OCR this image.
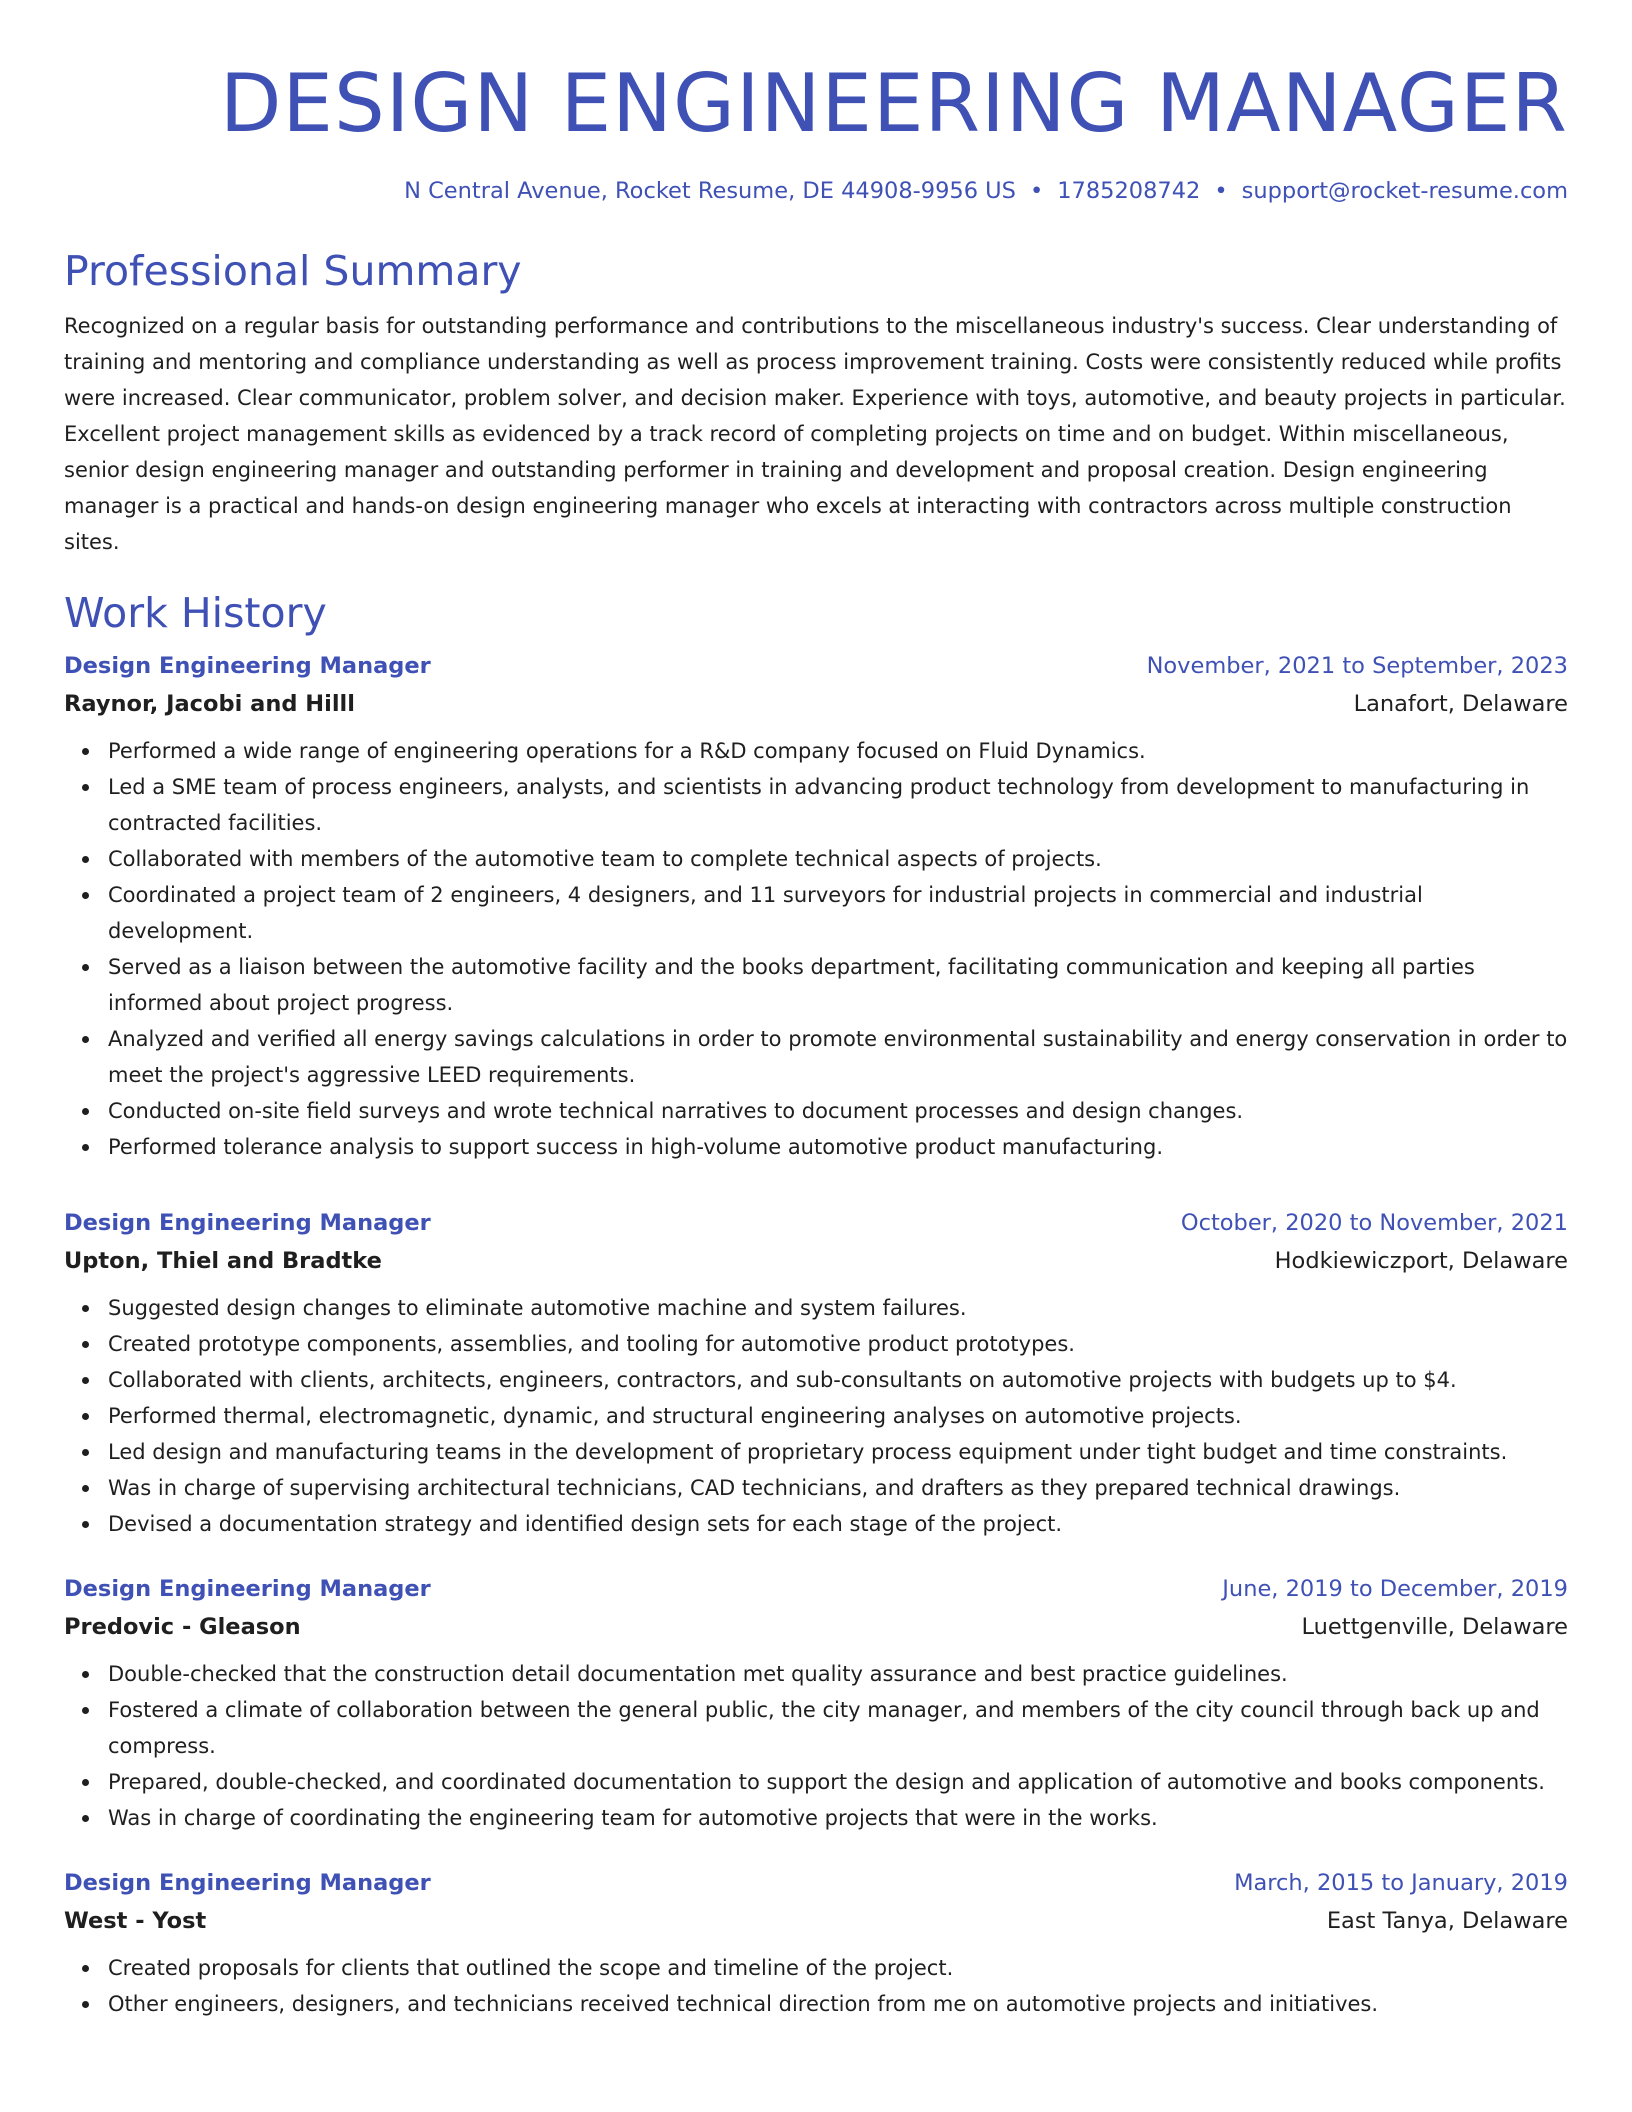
DESIGN ENGINEERING MANAGER
N Central Avenue, Rocket Resume, DE 44908-9956 US • 1785208742 • support@rocket-resume.com
Professional Summary

Recognized on a regular basis for outstanding performance and contributions to the miscellaneous industry's success. Clear understanding of training and mentoring and compliance understanding as well as process improvement training. Costs were consistently reduced while profits were increased. Clear communicator, problem solver, and decision maker. Experience with toys, automotive, and beauty projects in particular. Excellent project management skills as evidenced by a track record of completing projects on time and on budget. Within miscellaneous, senior design engineering manager and outstanding performer in training and development and proposal creation. Design engineering manager is a practical and hands-on design engineering manager who excels at interacting with contractors across multiple construction sites.

Work History
Design Engineering Manager	November, 2021 to September, 2023
Raynor, Jacobi and Hilll	Lanafort, Delaware
Performed a wide range of engineering operations for a R&D company focused on Fluid Dynamics.
Led a SME team of process engineers, analysts, and scientists in advancing product technology from development to manufacturing in contracted facilities.
Collaborated with members of the automotive team to complete technical aspects of projects.
Coordinated a project team of 2 engineers, 4 designers, and 11 surveyors for industrial projects in commercial and industrial development.
Served as a liaison between the automotive facility and the books department, facilitating communication and keeping all parties informed about project progress.
Analyzed and verified all energy savings calculations in order to promote environmental sustainability and energy conservation in order to meet the project's aggressive LEED requirements.
Conducted on-site field surveys and wrote technical narratives to document processes and design changes.
Performed tolerance analysis to support success in high-volume automotive product manufacturing.
Design Engineering Manager	October, 2020 to November, 2021
Upton, Thiel and Bradtke	Hodkiewiczport, Delaware
Suggested design changes to eliminate automotive machine and system failures.
Created prototype components, assemblies, and tooling for automotive product prototypes.
Collaborated with clients, architects, engineers, contractors, and sub-consultants on automotive projects with budgets up to $4.
Performed thermal, electromagnetic, dynamic, and structural engineering analyses on automotive projects.
Led design and manufacturing teams in the development of proprietary process equipment under tight budget and time constraints.
Was in charge of supervising architectural technicians, CAD technicians, and drafters as they prepared technical drawings.
Devised a documentation strategy and identified design sets for each stage of the project.
Design Engineering Manager	June, 2019 to December, 2019
Predovic - Gleason	Luettgenville, Delaware
Double-checked that the construction detail documentation met quality assurance and best practice guidelines.
Fostered a climate of collaboration between the general public, the city manager, and members of the city council through back up and compress.
Prepared, double-checked, and coordinated documentation to support the design and application of automotive and books components.
Was in charge of coordinating the engineering team for automotive projects that were in the works.
Design Engineering Manager	March, 2015 to January, 2019
West - Yost	East Tanya, Delaware
Created proposals for clients that outlined the scope and timeline of the project.
Other engineers, designers, and technicians received technical direction from me on automotive projects and initiatives.
